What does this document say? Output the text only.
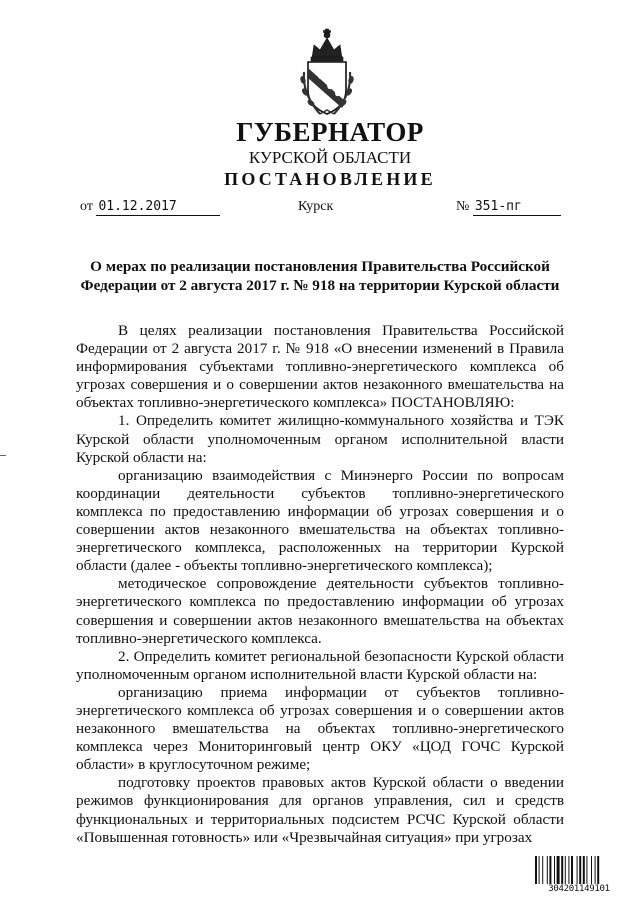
ГУБЕРНАТОР
КУРСКОЙ ОБЛАСТИ
ПОСТАНОВЛЕНИЕ
от 01.12.2017	Курск	№ 351-пг
О мерах по реализации постановления Правительства Российской Федерации от 2 августа 2017 г. № 918 на территории Курской области

В целях реализации постановления Правительства Российской Федерации от 2 августа 2017 г. № 918 «О внесении изменений в Правила информирования субъектами топливно-энергетического комплекса об угрозах совершения и о совершении актов незаконного вмешательства на объектах топливно-энергетического комплекса» ПОСТАНОВЛЯЮ:

1. Определить комитет жилищно-коммунального хозяйства и ТЭК Курской области уполномоченным органом исполнительной власти Курской области на:

организацию взаимодействия с Минэнерго России по вопросам координации деятельности субъектов топливно-энергетического комплекса по предоставлению информации об угрозах совершения и о совершении актов незаконного вмешательства на объектах топливно-энергетического комплекса, расположенных на территории Курской области (далее - объекты топливно-энергетического комплекса);

методическое сопровождение деятельности субъектов топливно-энергетического комплекса по предоставлению информации об угрозах совершения и совершении актов незаконного вмешательства на объектах топливно-энергетического комплекса.

2. Определить комитет региональной безопасности Курской области уполномоченным органом исполнительной власти Курской области на:

организацию приема информации от субъектов топливно-энергетического комплекса об угрозах совершения и о совершении актов незаконного вмешательства на объектах топливно-энергетического комплекса через Мониторинговый центр ОКУ «ЦОД ГОЧС Курской области» в круглосуточном режиме;

подготовку проектов правовых актов Курской области о введении режимов функционирования для органов управления, сил и средств функциональных и территориальных подсистем РСЧС Курской области «Повышенная готовность» или «Чрезвычайная ситуация» при угрозах

304201149101
